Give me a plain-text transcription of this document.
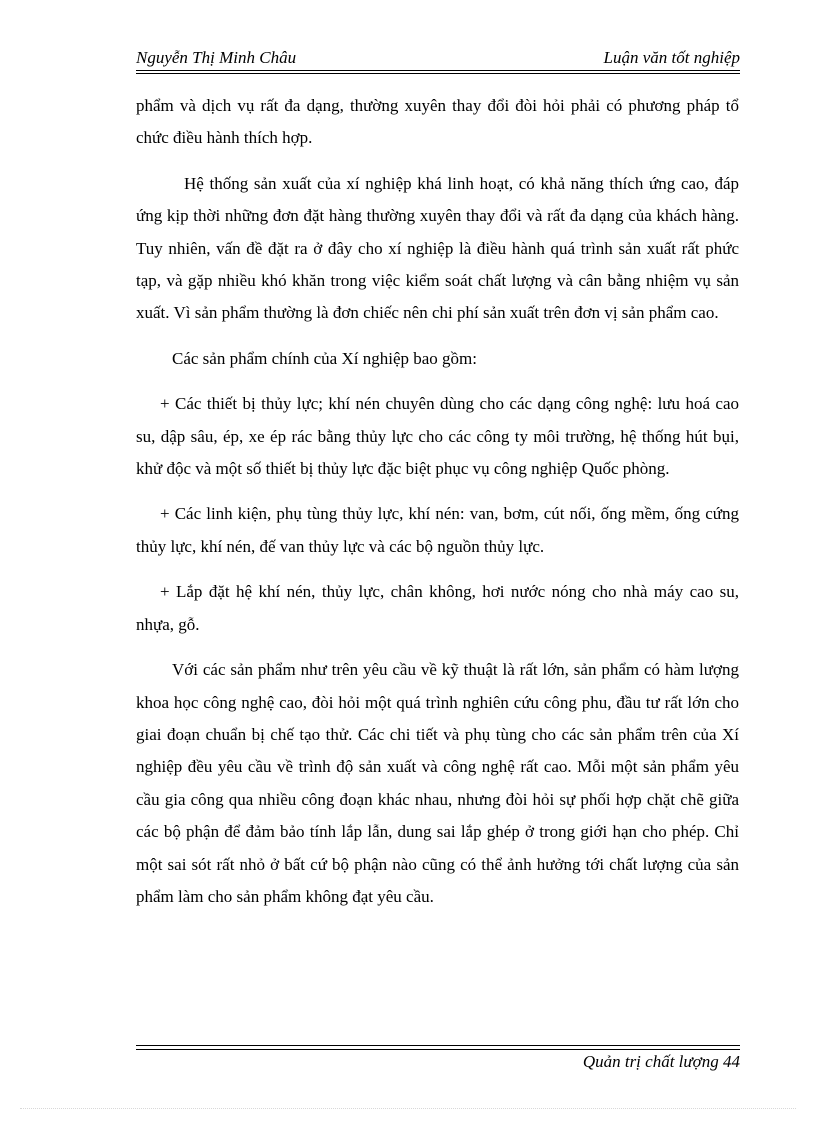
Nguyễn Thị Minh Châu	Luận văn tốt nghiệp

phẩm và dịch vụ rất đa dạng, thường xuyên thay đổi đòi hỏi phải có phương pháp tổ chức điều hành thích hợp.

Hệ thống sản xuất của xí nghiệp khá linh hoạt, có khả năng thích ứng cao, đáp ứng kịp thời những đơn đặt hàng thường xuyên thay đổi và rất đa dạng của khách hàng. Tuy nhiên, vấn đề đặt ra ở đây cho xí nghiệp là điều hành quá trình sản xuất rất phức tạp, và gặp nhiều khó khăn trong việc kiểm soát chất lượng và cân bằng nhiệm vụ sản xuất. Vì sản phẩm thường là đơn chiếc nên chi phí sản xuất trên đơn vị sản phẩm cao.

Các sản phẩm chính của Xí nghiệp bao gồm:

+ Các thiết bị thủy lực; khí nén chuyên dùng cho các dạng công nghệ: lưu hoá cao su, dập sâu, ép, xe ép rác bằng thủy lực cho các công ty môi trường, hệ thống hút bụi, khử độc và một số thiết bị thủy lực đặc biệt phục vụ công nghiệp Quốc phòng.

+ Các linh kiện, phụ tùng thủy lực, khí nén: van, bơm, cút nối, ống mềm, ống cứng thủy lực, khí nén, đế van thủy lực và các bộ nguồn thủy lực.

+ Lắp đặt hệ khí nén, thủy lực, chân không, hơi nước nóng cho nhà máy cao su, nhựa, gỗ.

Với các sản phẩm như trên yêu cầu về kỹ thuật là rất lớn, sản phẩm có hàm lượng khoa học công nghệ cao, đòi hỏi một quá trình nghiên cứu công phu, đầu tư rất lớn cho giai đoạn chuẩn bị chế tạo thử. Các chi tiết và phụ tùng cho các sản phẩm trên của Xí nghiệp đều yêu cầu về trình độ sản xuất và công nghệ rất cao. Mỗi một sản phẩm yêu cầu gia công qua nhiều công đoạn khác nhau, nhưng đòi hỏi sự phối hợp chặt chẽ giữa các bộ phận để đảm bảo tính lắp lẫn, dung sai lắp ghép ở trong giới hạn cho phép. Chỉ một sai sót rất nhỏ ở bất cứ bộ phận nào cũng có thể ảnh hưởng tới chất lượng của sản phẩm làm cho sản phẩm không đạt yêu cầu.

Quản trị chất lượng 44
